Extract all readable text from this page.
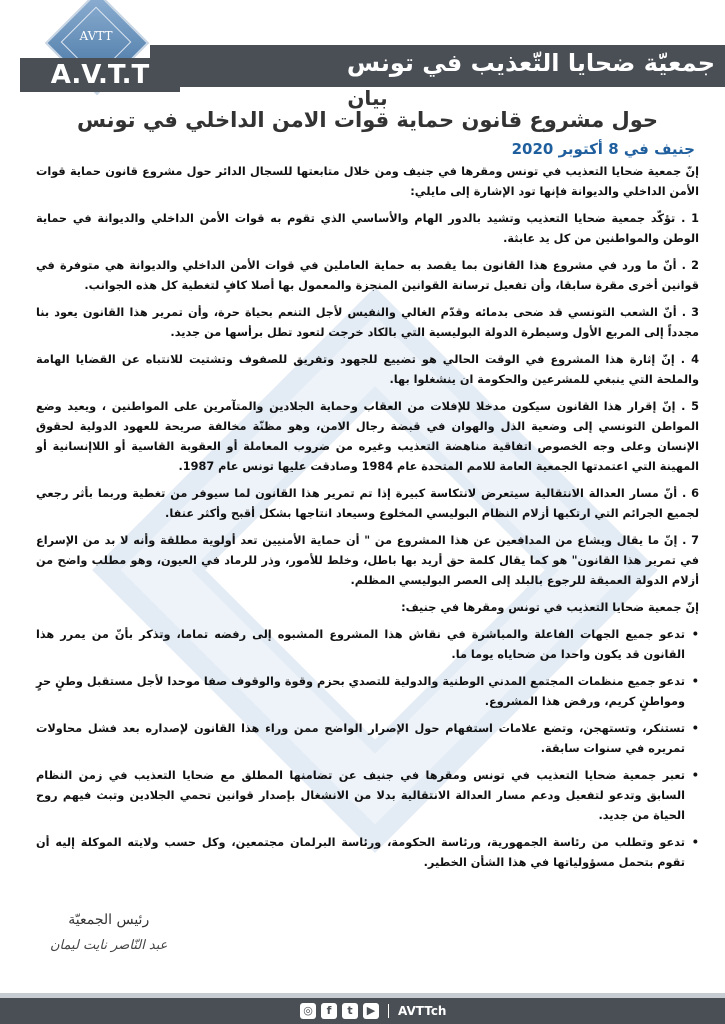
جمعيّة ضحايا التّعذيب في تونس
AVTT
A.V.T.T
بيان
حول مشروع قانون حماية قوات الامن الداخلي في تونس
جنيف في 8 أكتوبر 2020

إنّ جمعية ضحايا التعذيب في تونس ومقرها في جنيف ومن خلال متابعتها للسجال الدائر حول مشروع قانون حماية قوات الأمن الداخلي والديوانة فإنها تود الإشارة إلى مايلي:

1 . تؤكّد جمعية ضحايا التعذيب وتشيد بالدور الهام والأساسي الذي تقوم به قوات الأمن الداخلي والديوانة في حماية الوطن والمواطنين من كل يد عابثة.

2 . أنّ ما ورد في مشروع هذا القانون بما يقصد به حماية العاملين في قوات الأمن الداخلي والديوانة هي متوفرة في قوانين أخرى مقرة سابقا، وأن تفعيل ترسانة القوانين المنجزة والمعمول بها أصلا كافٍ لتغطية كل هذه الجوانب.

3 . أنّ الشعب التونسي قد ضحى بدمائه وقدّم الغالي والنفيس لأجل التنعم بحياة حرة، وأن تمرير هذا القانون يعود بنا مجدداً إلى المربع الأول وسيطرة الدولة البوليسية التي بالكاد خرجت لتعود تطل برأسها من جديد.

4 . إنّ إثارة هذا المشروع في الوقت الحالي هو تضييع للجهود وتفريق للصفوف وتشتيت للانتباه عن القضايا الهامة والملحة التي ينبغي للمشرعين والحكومة ان ينشغلوا بها.

5 . إنّ إقرار هذا القانون سيكون مدخلا للإفلات من العقاب وحماية الجلادين والمتآمرين على المواطنين ، ويعيد وضع المواطن التونسي إلى وضعية الذل والهوان في قبضة رجال الامن، وهو مظنّة مخالفة صريحة للعهود الدولية لحقوق الإنسان وعلى وجه الخصوص اتفاقية مناهضة التعذيب وغيره من ضروب المعاملة أو العقوبة القاسية أو اللاإنسانية أو المهينة التي اعتمدتها الجمعية العامة للامم المتحدة عام 1984 وصادقت عليها تونس عام 1987.

6 . أنّ مسار العدالة الانتقالية سيتعرض لانتكاسة كبيرة إذا تم تمرير هذا القانون لما سيوفر من تغطية وربما بأثر رجعي لجميع الجرائم التي ارتكبها أزلام النظام البوليسي المخلوع وسيعاد انتاجها بشكل أقبح وأكثر عنفا.

7 . إنّ ما يقال ويشاع من المدافعين عن هذا المشروع من " أن حماية الأمنيين تعد أولوية مطلقة وأنه لا بد من الإسراع في تمرير هذا القانون" هو كما يقال كلمة حق أريد بها باطل، وخلط للأمور، وذر للرماد في العيون، وهو مطلب واضح من أزلام الدولة العميقة للرجوع بالبلد إلى العصر البوليسي المظلم.

إنّ جمعية ضحايا التعذيب في تونس ومقرها في جنيف:

• تدعو جميع الجهات الفاعلة والمباشرة في نقاش هذا المشروع المشبوه إلى رفضه تماما، وتذكر بأنّ من يمرر هذا القانون قد يكون واحدا من ضحاياه يوما ما.

• تدعو جميع منظمات المجتمع المدني الوطنية والدولية للتصدي بحزم وقوة والوقوف صفا موحدا لأجل مستقبل وطنٍ حرٍ ومواطنٍ كريم، ورفض هذا المشروع.

• تستنكر، وتستهجن، وتضع علامات استفهام حول الإصرار الواضح ممن وراء هذا القانون لإصداره بعد فشل محاولات تمريره في سنوات سابقة.

• تعبر جمعية ضحايا التعذيب في تونس ومقرها في جنيف عن تضامنها المطلق مع ضحايا التعذيب في زمن النظام السابق وتدعو لتفعيل ودعم مسار العدالة الانتقالية بدلا من الانشغال بإصدار قوانين تحمي الجلادين وتبث فيهم روح الحياة من جديد.

• تدعو وتطلب من رئاسة الجمهورية، ورئاسة الحكومة، ورئاسة البرلمان مجتمعين، وكل حسب ولايته الموكلة إليه أن تقوم بتحمل مسؤولياتها في هذا الشأن الخطير.

رئيس الجمعيّة
عبد النّاصر نايت ليمان
◎	f	t	▶	AVTTch
